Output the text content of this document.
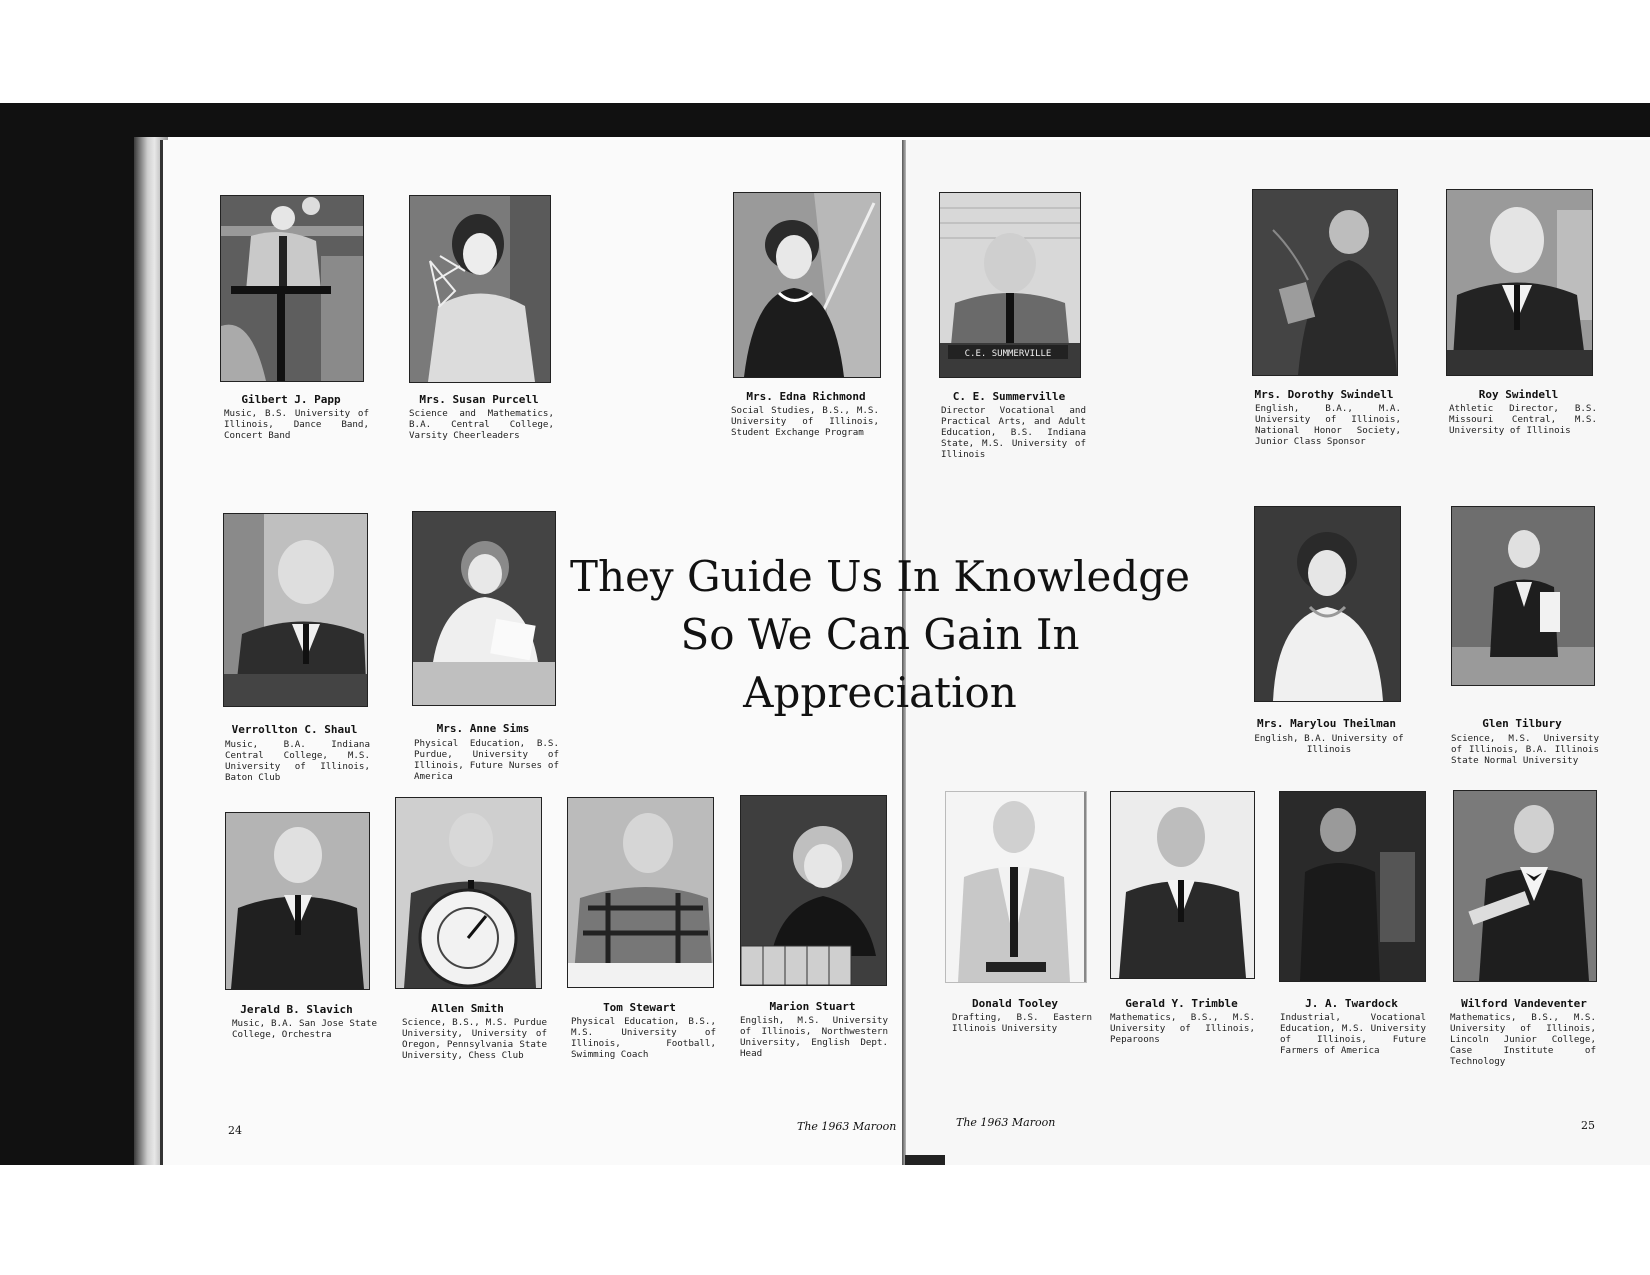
Gilbert J. Papp
Music, B.S. University of Illinois, Dance Band, Concert Band
Mrs. Susan Purcell
Science and Mathematics, B.A. Central College, Varsity Cheerleaders
Mrs. Edna Richmond
Social Studies, B.S., M.S. University of Illinois, Student Exchange Program
C.E. SUMMERVILLE
C. E. Summerville
Director Vocational and Practical Arts, and Adult Education, B.S. Indiana State, M.S. University of Illinois
Mrs. Dorothy Swindell
English, B.A., M.A. University of Illinois, National Honor Society, Junior Class Sponsor
Roy Swindell
Athletic Director, B.S. Missouri Central, M.S. University of Illinois
Verrollton C. Shaul
Music, B.A. Indiana Central College, M.S. University of Illinois, Baton Club
Mrs. Anne Sims
Physical Education, B.S. Purdue, University of Illinois, Future Nurses of America
Mrs. Marylou Theilman
English, B.A. University of Illinois
Glen Tilbury
Science, M.S. University of Illinois, B.A. Illinois State Normal University
They Guide Us In Knowledge
So We Can Gain In Appreciation
Jerald B. Slavich
Music, B.A. San Jose State College, Orchestra
Allen Smith
Science, B.S., M.S. Purdue University, University of Oregon, Pennsylvania State University, Chess Club
Tom Stewart
Physical Education, B.S., M.S. University of Illinois, Football, Swimming Coach
Marion Stuart
English, M.S. University of Illinois, Northwestern University, English Dept. Head
Donald Tooley
Drafting, B.S. Eastern Illinois University
Gerald Y. Trimble
Mathematics, B.S., M.S. University of Illinois, Peparoons
J. A. Twardock
Industrial, Vocational Education, M.S. University of Illinois, Future Farmers of America
Wilford Vandeventer
Mathematics, B.S., M.S. University of Illinois, Lincoln Junior College, Case Institute of Technology
24	The 1963 Maroon	The 1963 Maroon	25
